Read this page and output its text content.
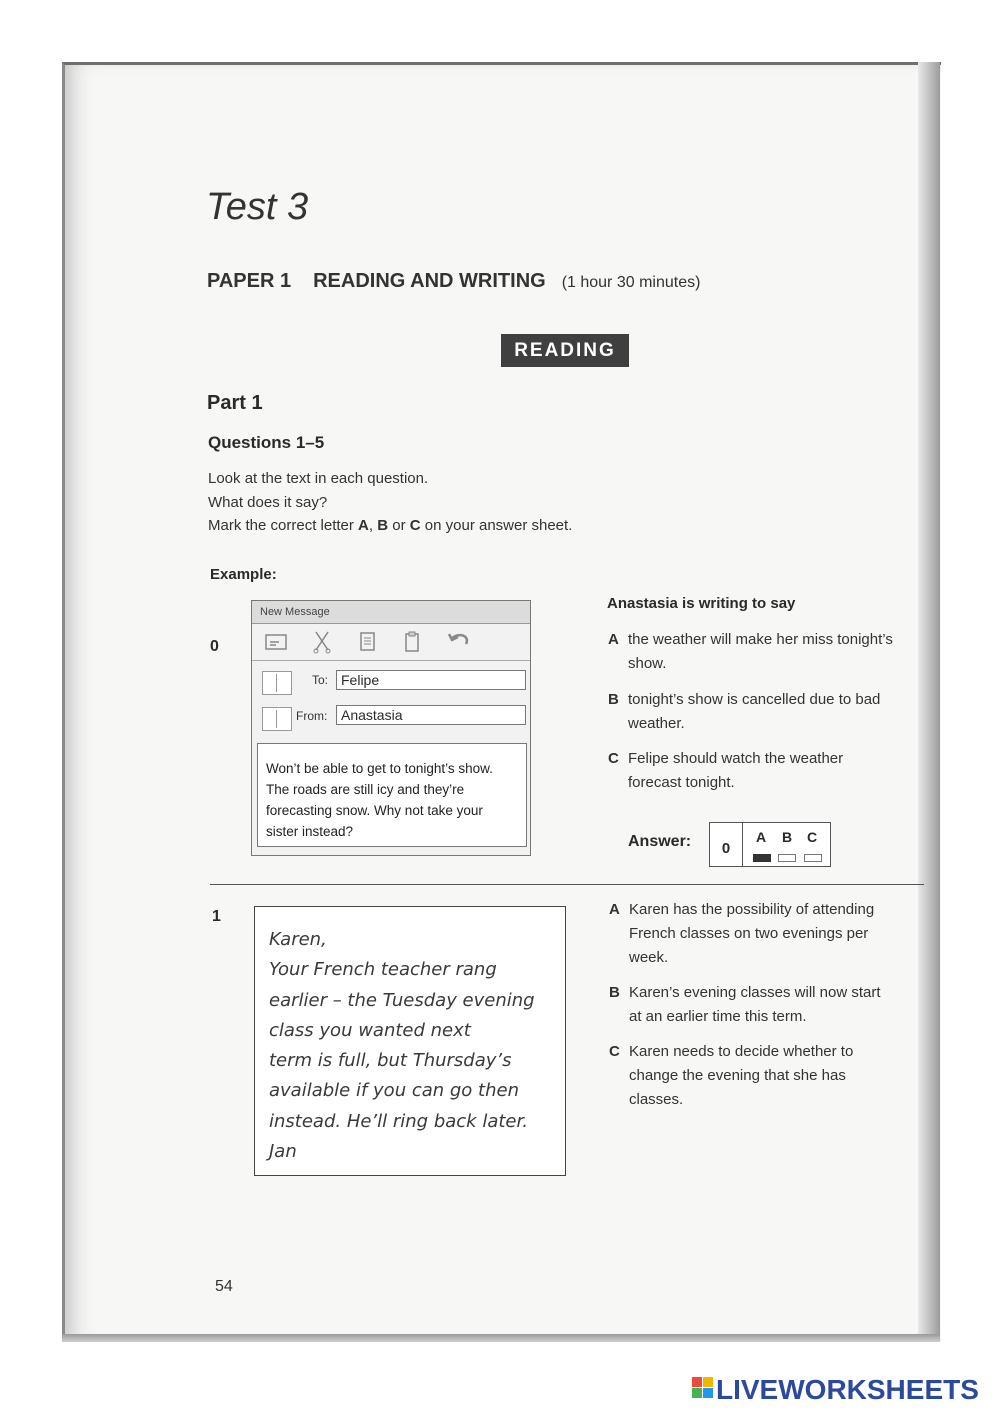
Test 3
PAPER 1 READING AND WRITING (1 hour 30 minutes)
READING
Part 1
Questions 1–5
Look at the text in each question.
What does it say?
Mark the correct letter A, B or C on your answer sheet.
Example:
0
New Message
To: Felipe
From: Anastasia
Won’t be able to get to tonight’s show.
The roads are still icy and they’re
forecasting snow. Why not take your
sister instead?
Anastasia is writing to say
A the weather will make her miss tonight’s
show.
B tonight’s show is cancelled due to bad
weather.
C Felipe should watch the weather
forecast tonight.
Answer:	0
A B C
1
Karen,
Your French teacher rang
earlier – the Tuesday evening
class you wanted next
term is full, but Thursday’s
available if you can go then
instead. He’ll ring back later.
Jan
A Karen has the possibility of attending
French classes on two evenings per
week.
B Karen’s evening classes will now start
at an earlier time this term.
C Karen needs to decide whether to
change the evening that she has
classes.
54
LIVEWORKSHEETS
